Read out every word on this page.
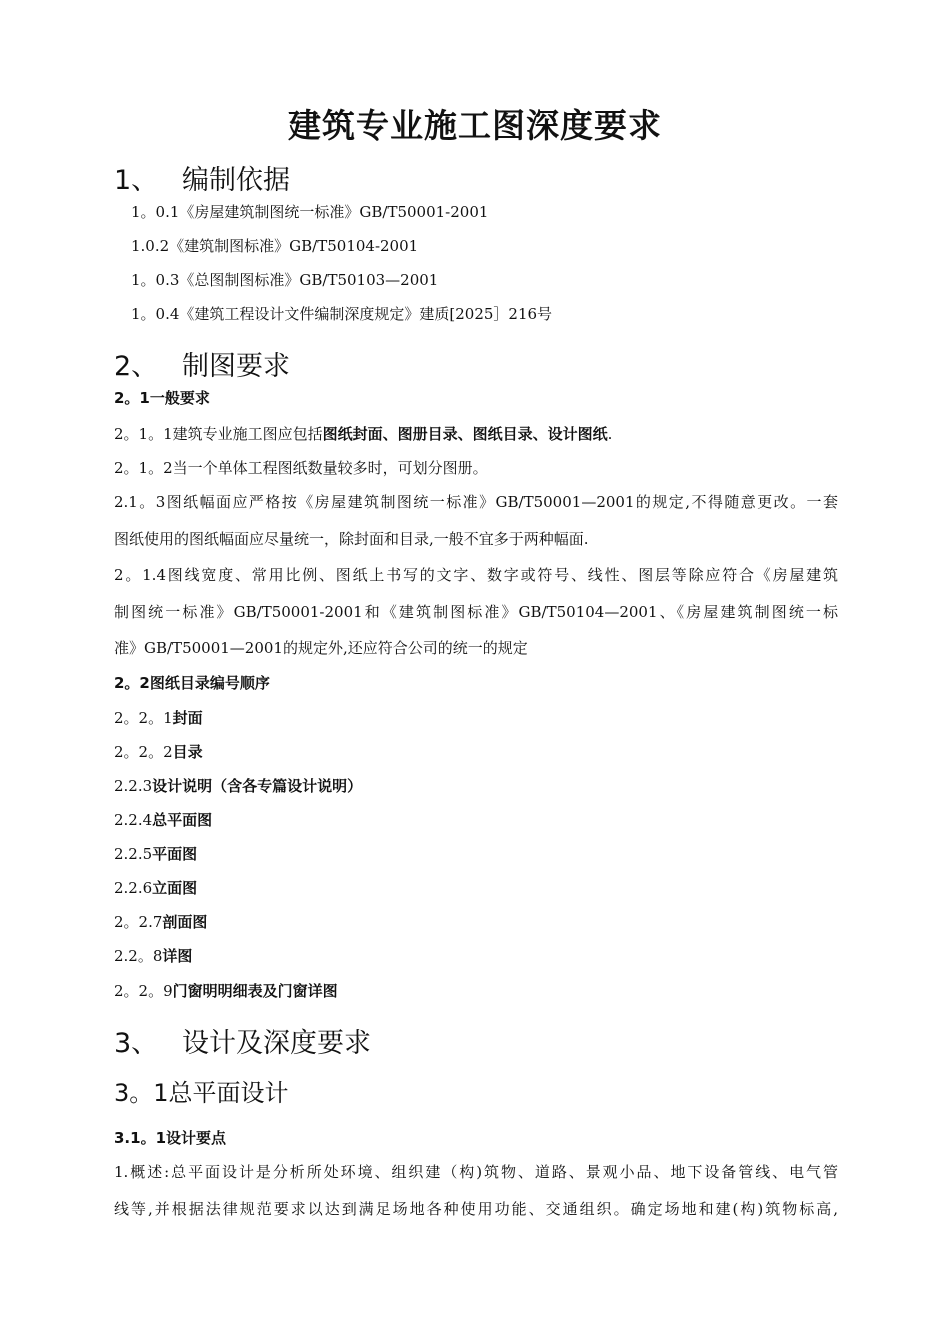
建筑专业施工图深度要求
1、 编制依据
1。0.1《房屋建筑制图统一标准》GB/T50001-2001
1.0.2《建筑制图标准》GB/T50104-2001
1。0.3《总图制图标准》GB/T50103—2001
1。0.4《建筑工程设计文件编制深度规定》建质[2025］216号
2、 制图要求
2。1一般要求
2。1。1建筑专业施工图应包括图纸封面、图册目录、图纸目录、设计图纸.
2。1。2当一个单体工程图纸数量较多时，可划分图册。
2.1。3图纸幅面应严格按《房屋建筑制图统一标准》GB/T50001—2001的规定,不得随意更改。一套
图纸使用的图纸幅面应尽量统一，除封面和目录,一般不宜多于两种幅面.
2。1.4图线宽度、常用比例、图纸上书写的文字、数字或符号、线性、图层等除应符合《房屋建筑
制图统一标准》GB/T50001-2001和《建筑制图标准》GB/T50104—2001、《房屋建筑制图统一标
准》GB/T50001—2001的规定外,还应符合公司的统一的规定
2。2图纸目录编号顺序
2。2。1封面
2。2。2目录
2.2.3设计说明（含各专篇设计说明）
2.2.4总平面图
2.2.5平面图
2.2.6立面图
2。2.7剖面图
2.2。8详图
2。2。9门窗明明细表及门窗详图
3、 设计及深度要求
3。1总平面设计
3.1。1设计要点
1.概述:总平面设计是分析所处环境、组织建（构)筑物、道路、景观小品、地下设备管线、电气管
线等,并根据法律规范要求以达到满足场地各种使用功能、交通组织。确定场地和建(构)筑物标高,
